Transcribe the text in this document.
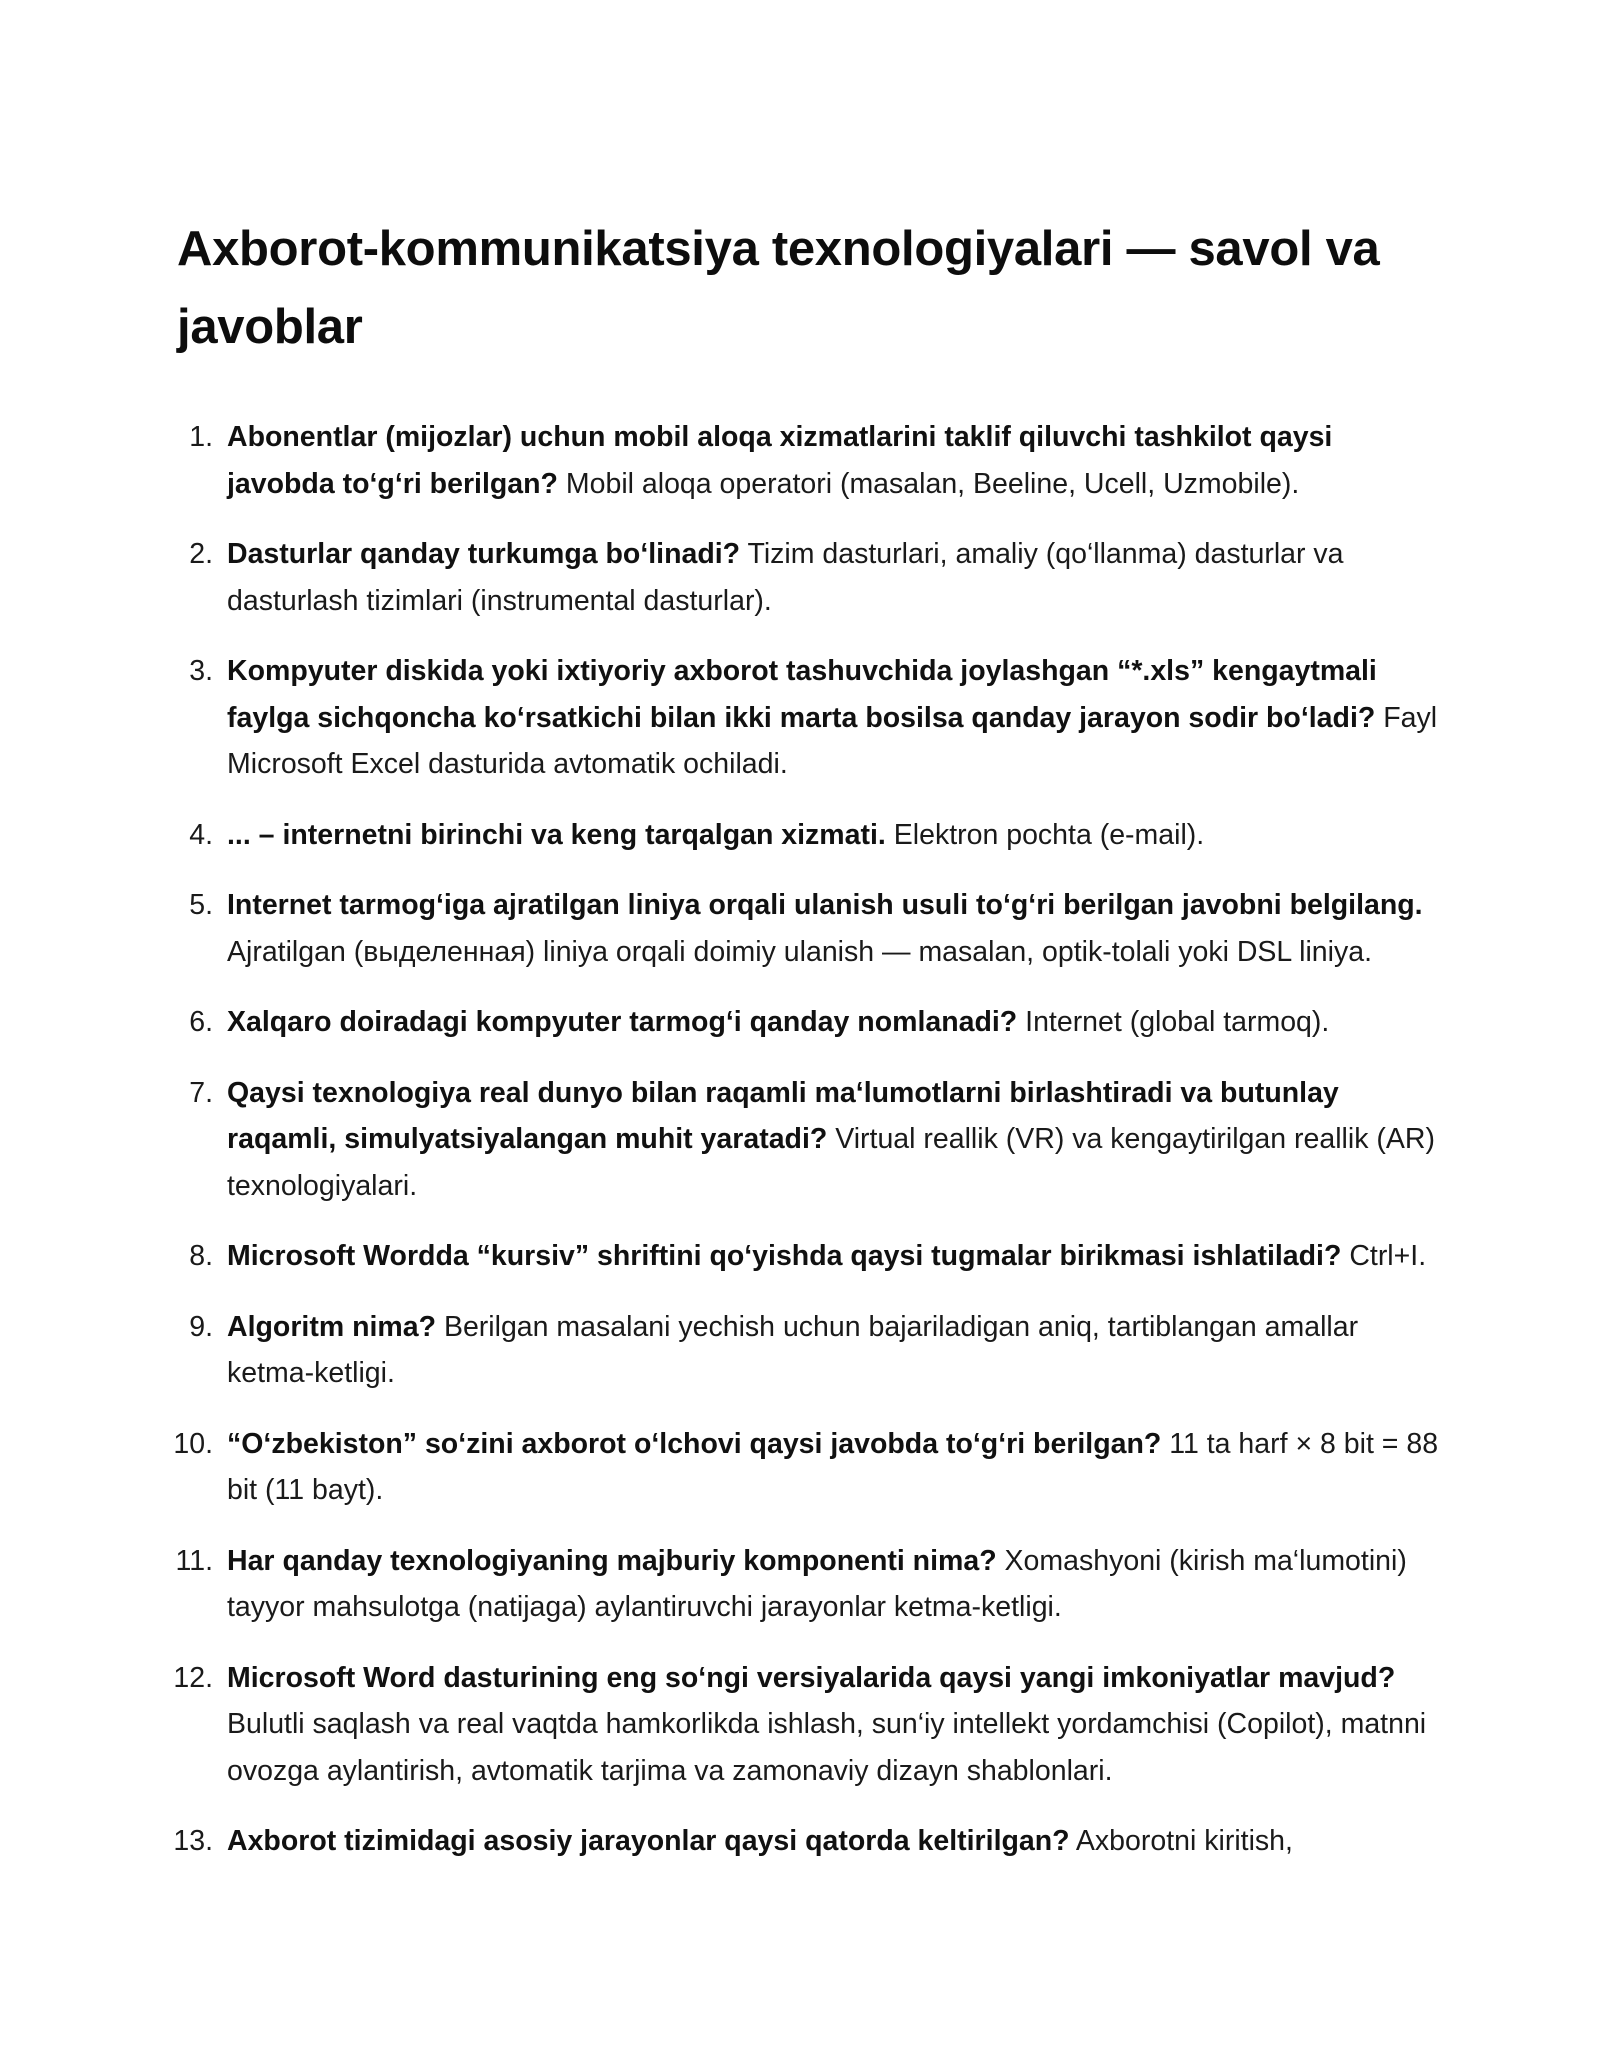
Axborot-kommunikatsiya texnologiyalari — savol va javoblar
1. Abonentlar (mijozlar) uchun mobil aloqa xizmatlarini taklif qiluvchi tashkilot qaysi javobda to‘g‘ri berilgan? Mobil aloqa operatori (masalan, Beeline, Ucell, Uzmobile).
2. Dasturlar qanday turkumga bo‘linadi? Tizim dasturlari, amaliy (qo‘llanma) dasturlar va dasturlash tizimlari (instrumental dasturlar).
3. Kompyuter diskida yoki ixtiyoriy axborot tashuvchida joylashgan “*.xls” kengaytmali faylga sichqoncha ko‘rsatkichi bilan ikki marta bosilsa qanday jarayon sodir bo‘ladi? Fayl Microsoft Excel dasturida avtomatik ochiladi.
4. ... – internetni birinchi va keng tarqalgan xizmati. Elektron pochta (e-mail).
5. Internet tarmog‘iga ajratilgan liniya orqali ulanish usuli to‘g‘ri berilgan javobni belgilang. Ajratilgan (выделенная) liniya orqali doimiy ulanish — masalan, optik-tolali yoki DSL liniya.
6. Xalqaro doiradagi kompyuter tarmog‘i qanday nomlanadi? Internet (global tarmoq).
7. Qaysi texnologiya real dunyo bilan raqamli ma‘lumotlarni birlashtiradi va butunlay raqamli, simulyatsiyalangan muhit yaratadi? Virtual reallik (VR) va kengaytirilgan reallik (AR) texnologiyalari.
8. Microsoft Wordda “kursiv” shriftini qo‘yishda qaysi tugmalar birikmasi ishlatiladi? Ctrl+I.
9. Algoritm nima? Berilgan masalani yechish uchun bajariladigan aniq, tartiblangan amallar ketma-ketligi.
10. “O‘zbekiston” so‘zini axborot o‘lchovi qaysi javobda to‘g‘ri berilgan? 11 ta harf × 8 bit = 88 bit (11 bayt).
11. Har qanday texnologiyaning majburiy komponenti nima? Xomashyoni (kirish ma‘lumotini) tayyor mahsulotga (natijaga) aylantiruvchi jarayonlar ketma-ketligi.
12. Microsoft Word dasturining eng so‘ngi versiyalarida qaysi yangi imkoniyatlar mavjud? Bulutli saqlash va real vaqtda hamkorlikda ishlash, sun‘iy intellekt yordamchisi (Copilot), matnni ovozga aylantirish, avtomatik tarjima va zamonaviy dizayn shablonlari.
13. Axborot tizimidagi asosiy jarayonlar qaysi qatorda keltirilgan? Axborotni kiritish,
